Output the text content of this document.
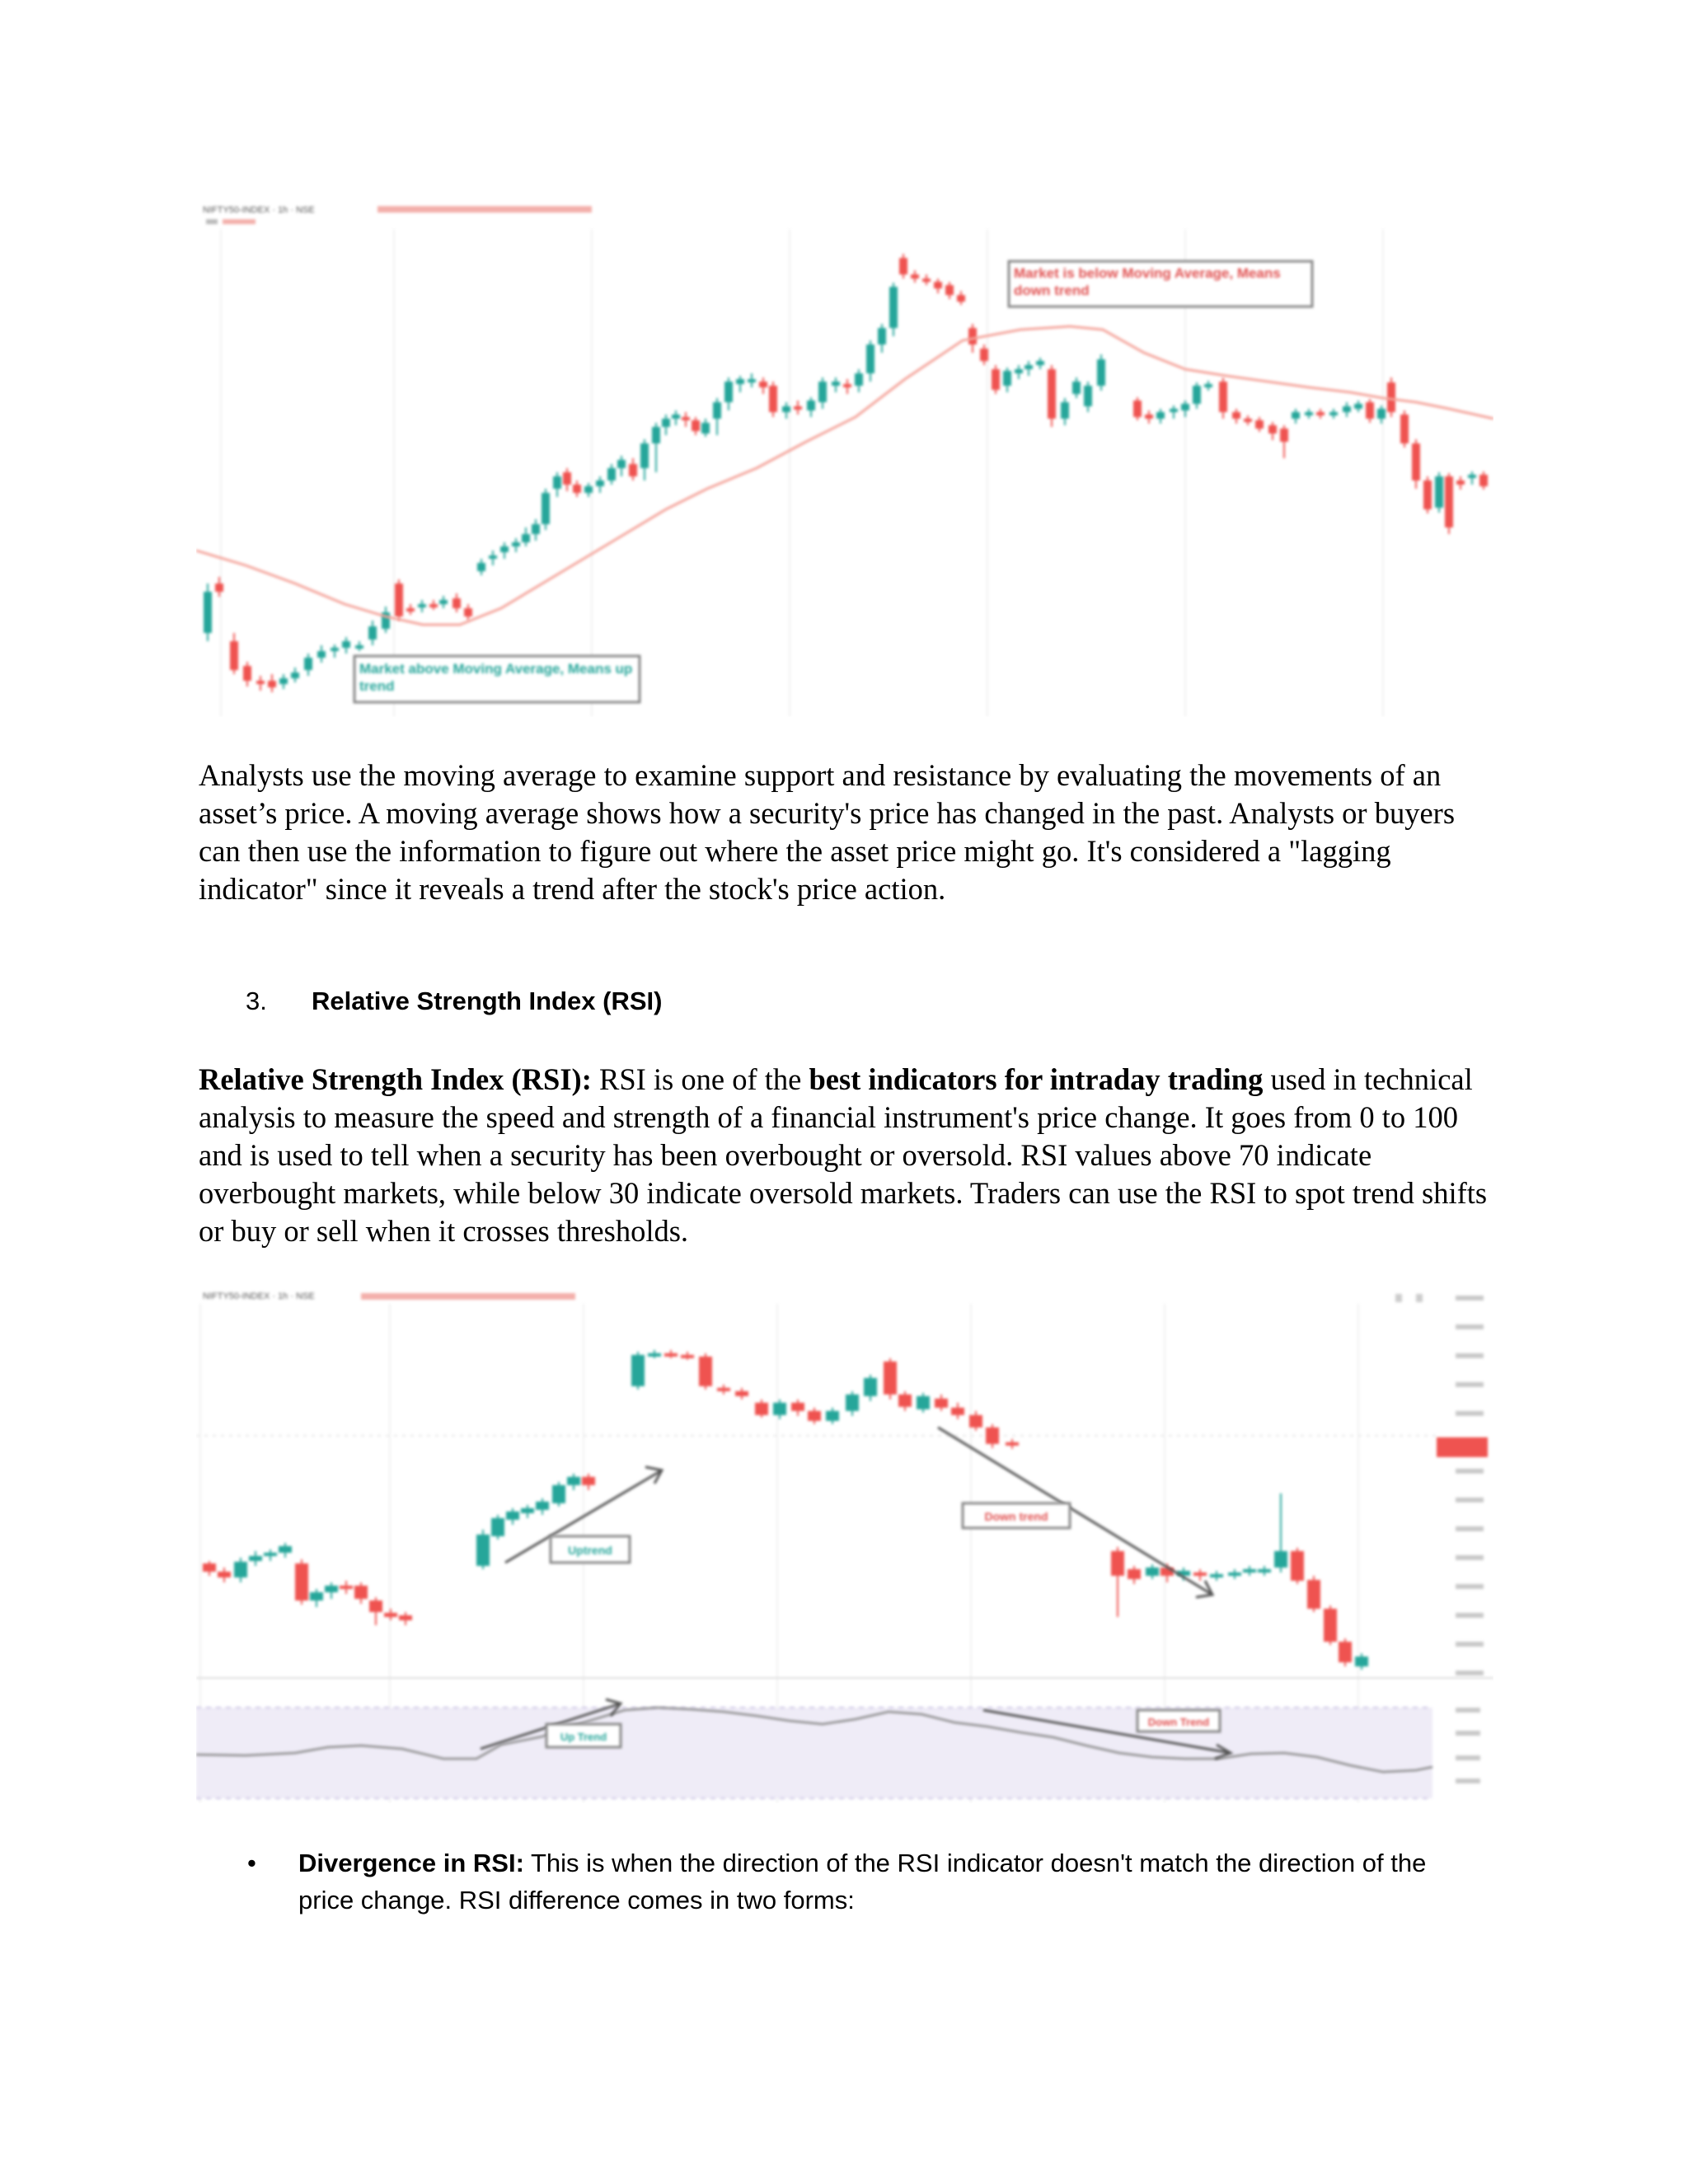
NIFTY50-INDEX · 1h · NSE
Market is below Moving Average, Means down trend
Market above Moving Average, Means up trend

Analysts use the moving average to examine support and resistance by evaluating the movements of an asset’s price. A moving average shows how a security's price has changed in the past. Analysts or buyers can then use the information to figure out where the asset price might go. It's considered a "lagging indicator" since it reveals a trend after the stock's price action.

3. Relative Strength Index (RSI)

Relative Strength Index (RSI): RSI is one of the best indicators for intraday trading used in technical analysis to measure the speed and strength of a financial instrument's price change. It goes from 0 to 100 and is used to tell when a security has been overbought or oversold. RSI values above 70 indicate overbought markets, while below 30 indicate oversold markets. Traders can use the RSI to spot trend shifts or buy or sell when it crosses thresholds.

NIFTY50-INDEX · 1h · NSE
Uptrend
Down trend
Up Trend
Down Trend
•	Divergence in RSI: This is when the direction of the RSI indicator doesn't match the direction of the price change. RSI difference comes in two forms:
